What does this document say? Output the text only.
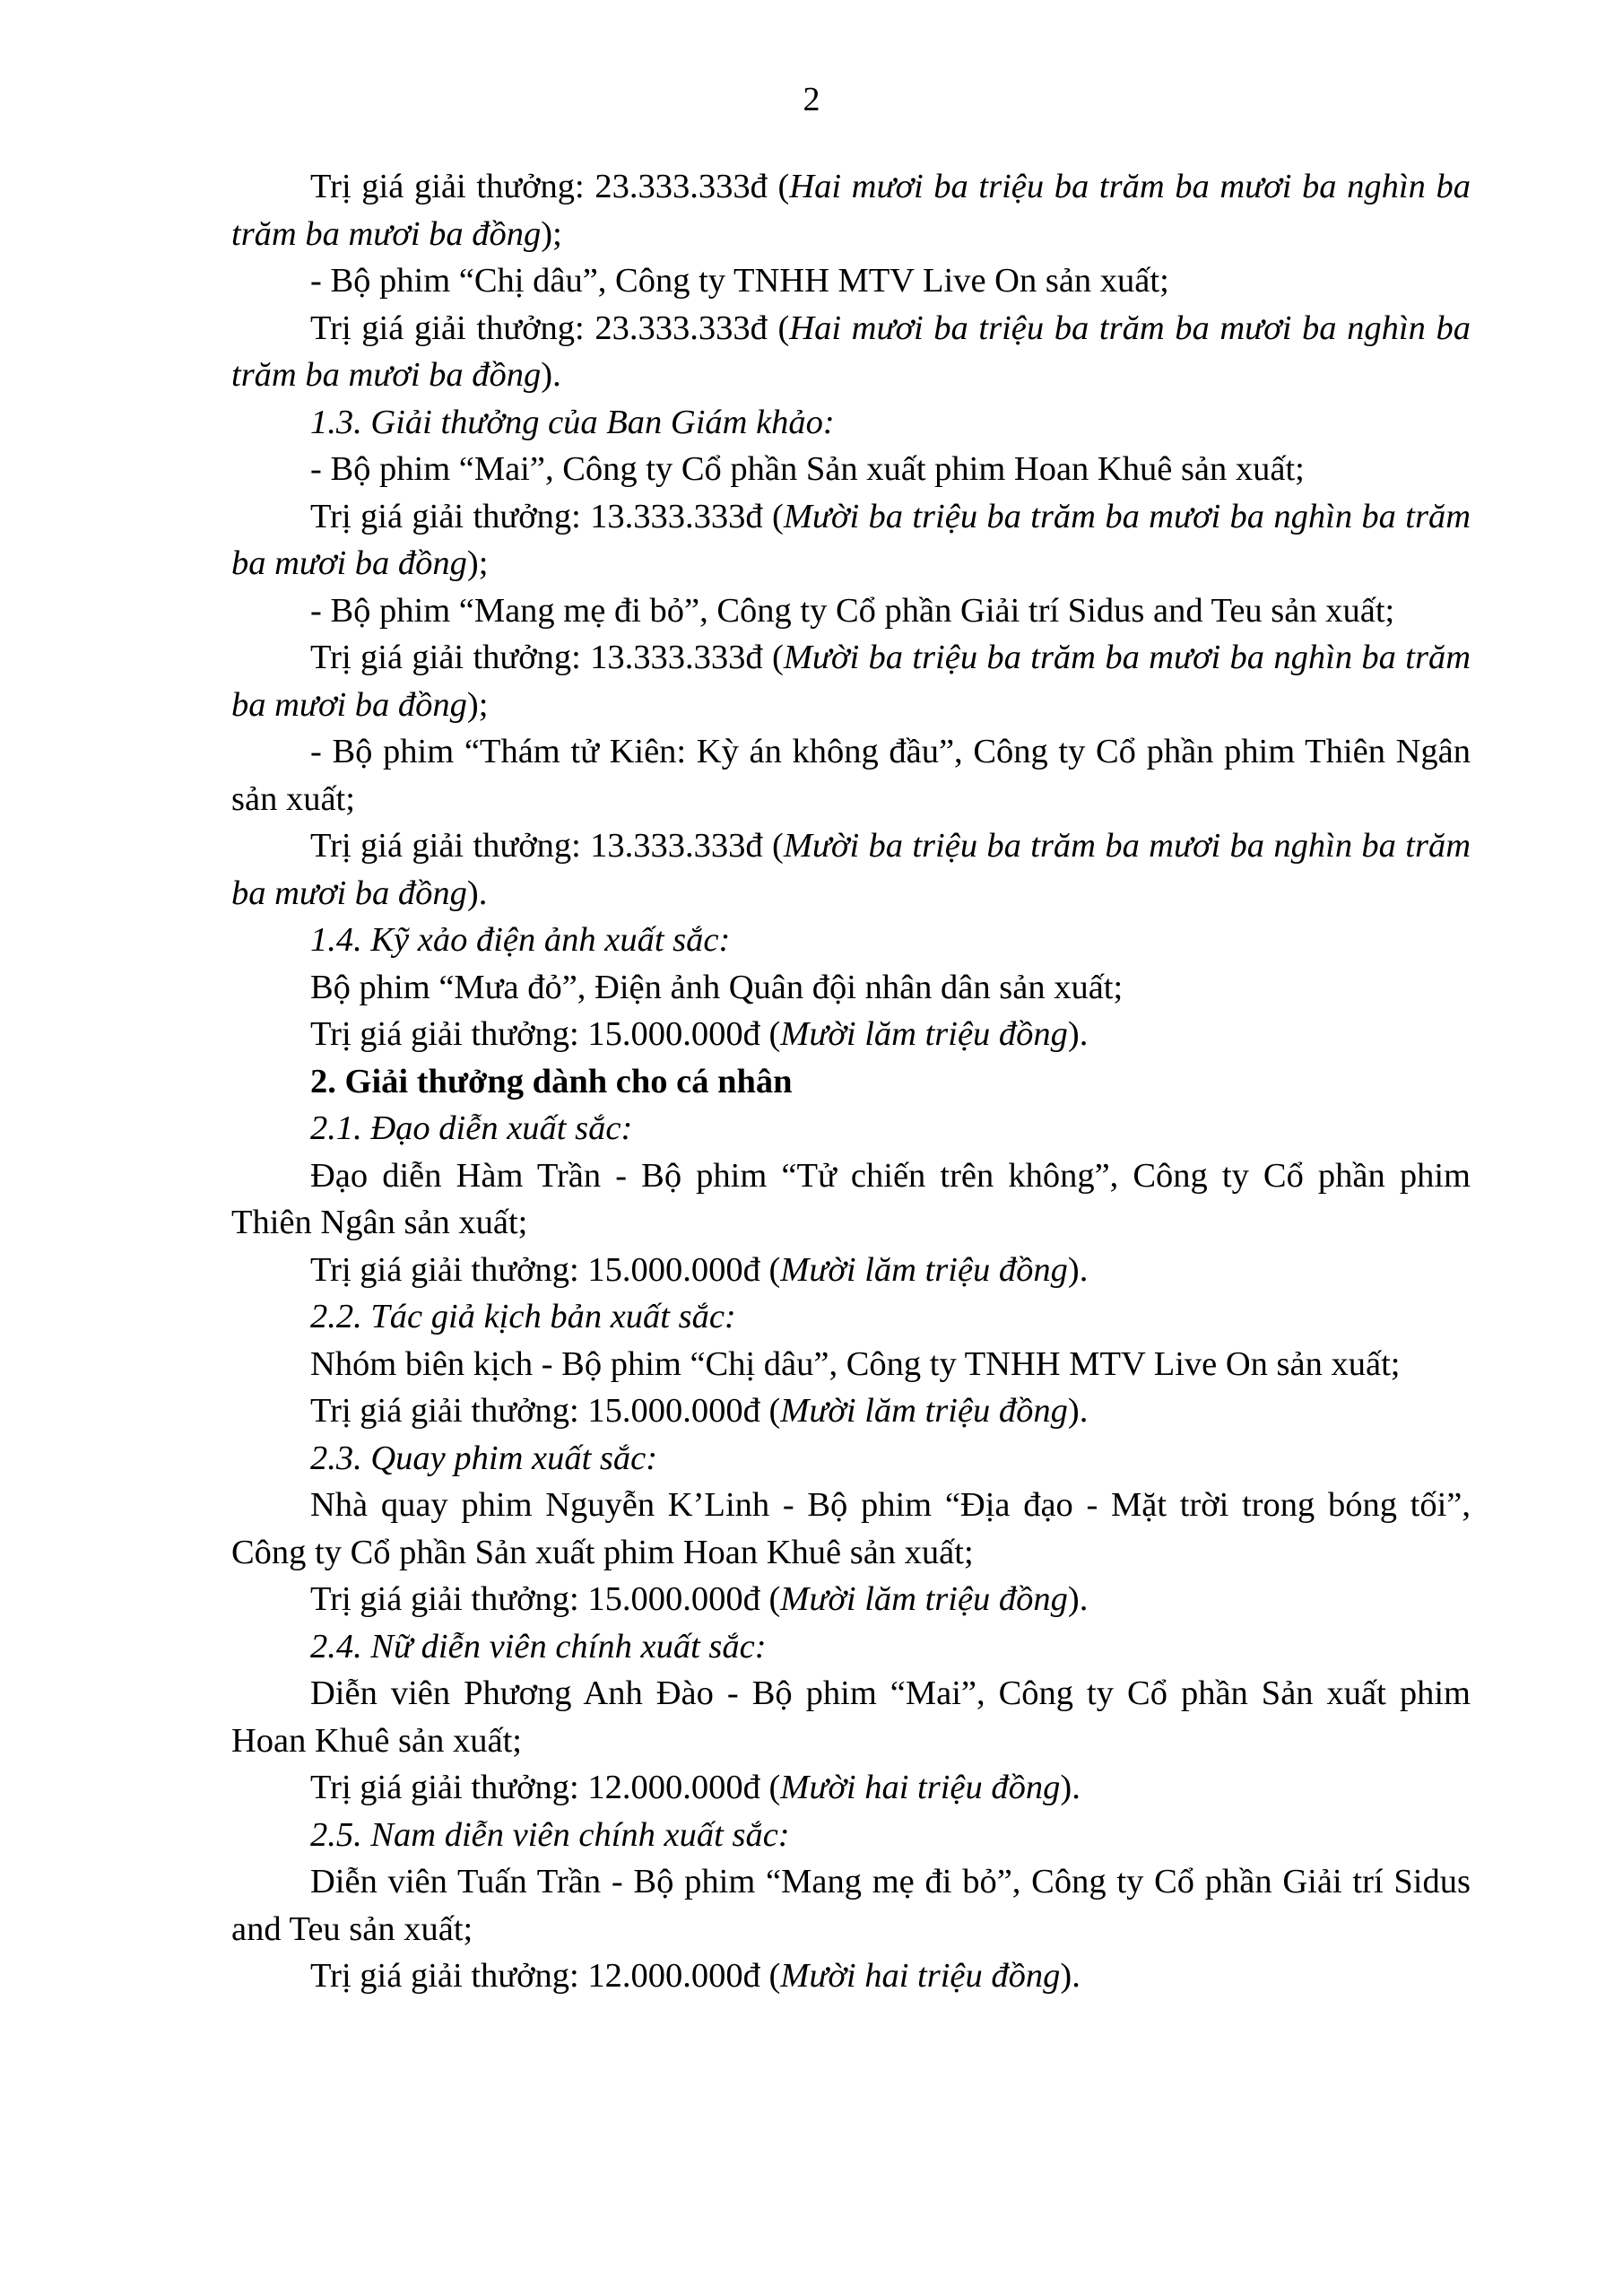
2

Trị giá giải thưởng: 23.333.333đ (Hai mươi ba triệu ba trăm ba mươi ba nghìn ba trăm ba mươi ba đồng);

- Bộ phim “Chị dâu”, Công ty TNHH MTV Live On sản xuất;

Trị giá giải thưởng: 23.333.333đ (Hai mươi ba triệu ba trăm ba mươi ba nghìn ba trăm ba mươi ba đồng).

1.3. Giải thưởng của Ban Giám khảo:

- Bộ phim “Mai”, Công ty Cổ phần Sản xuất phim Hoan Khuê sản xuất;

Trị giá giải thưởng: 13.333.333đ (Mười ba triệu ba trăm ba mươi ba nghìn ba trăm ba mươi ba đồng);

- Bộ phim “Mang mẹ đi bỏ”, Công ty Cổ phần Giải trí Sidus and Teu sản xuất;

Trị giá giải thưởng: 13.333.333đ (Mười ba triệu ba trăm ba mươi ba nghìn ba trăm ba mươi ba đồng);

- Bộ phim “Thám tử Kiên: Kỳ án không đầu”, Công ty Cổ phần phim Thiên Ngân sản xuất;

Trị giá giải thưởng: 13.333.333đ (Mười ba triệu ba trăm ba mươi ba nghìn ba trăm ba mươi ba đồng).

1.4. Kỹ xảo điện ảnh xuất sắc:

Bộ phim “Mưa đỏ”, Điện ảnh Quân đội nhân dân sản xuất;

Trị giá giải thưởng: 15.000.000đ (Mười lăm triệu đồng).

2. Giải thưởng dành cho cá nhân

2.1. Đạo diễn xuất sắc:

Đạo diễn Hàm Trần - Bộ phim “Tử chiến trên không”, Công ty Cổ phần phim Thiên Ngân sản xuất;

Trị giá giải thưởng: 15.000.000đ (Mười lăm triệu đồng).

2.2. Tác giả kịch bản xuất sắc:

Nhóm biên kịch - Bộ phim “Chị dâu”, Công ty TNHH MTV Live On sản xuất;

Trị giá giải thưởng: 15.000.000đ (Mười lăm triệu đồng).

2.3. Quay phim xuất sắc:

Nhà quay phim Nguyễn K’Linh - Bộ phim “Địa đạo - Mặt trời trong bóng tối”, Công ty Cổ phần Sản xuất phim Hoan Khuê sản xuất;

Trị giá giải thưởng: 15.000.000đ (Mười lăm triệu đồng).

2.4. Nữ diễn viên chính xuất sắc:

Diễn viên Phương Anh Đào - Bộ phim “Mai”, Công ty Cổ phần Sản xuất phim Hoan Khuê sản xuất;

Trị giá giải thưởng: 12.000.000đ (Mười hai triệu đồng).

2.5. Nam diễn viên chính xuất sắc:

Diễn viên Tuấn Trần - Bộ phim “Mang mẹ đi bỏ”, Công ty Cổ phần Giải trí Sidus and Teu sản xuất;

Trị giá giải thưởng: 12.000.000đ (Mười hai triệu đồng).
